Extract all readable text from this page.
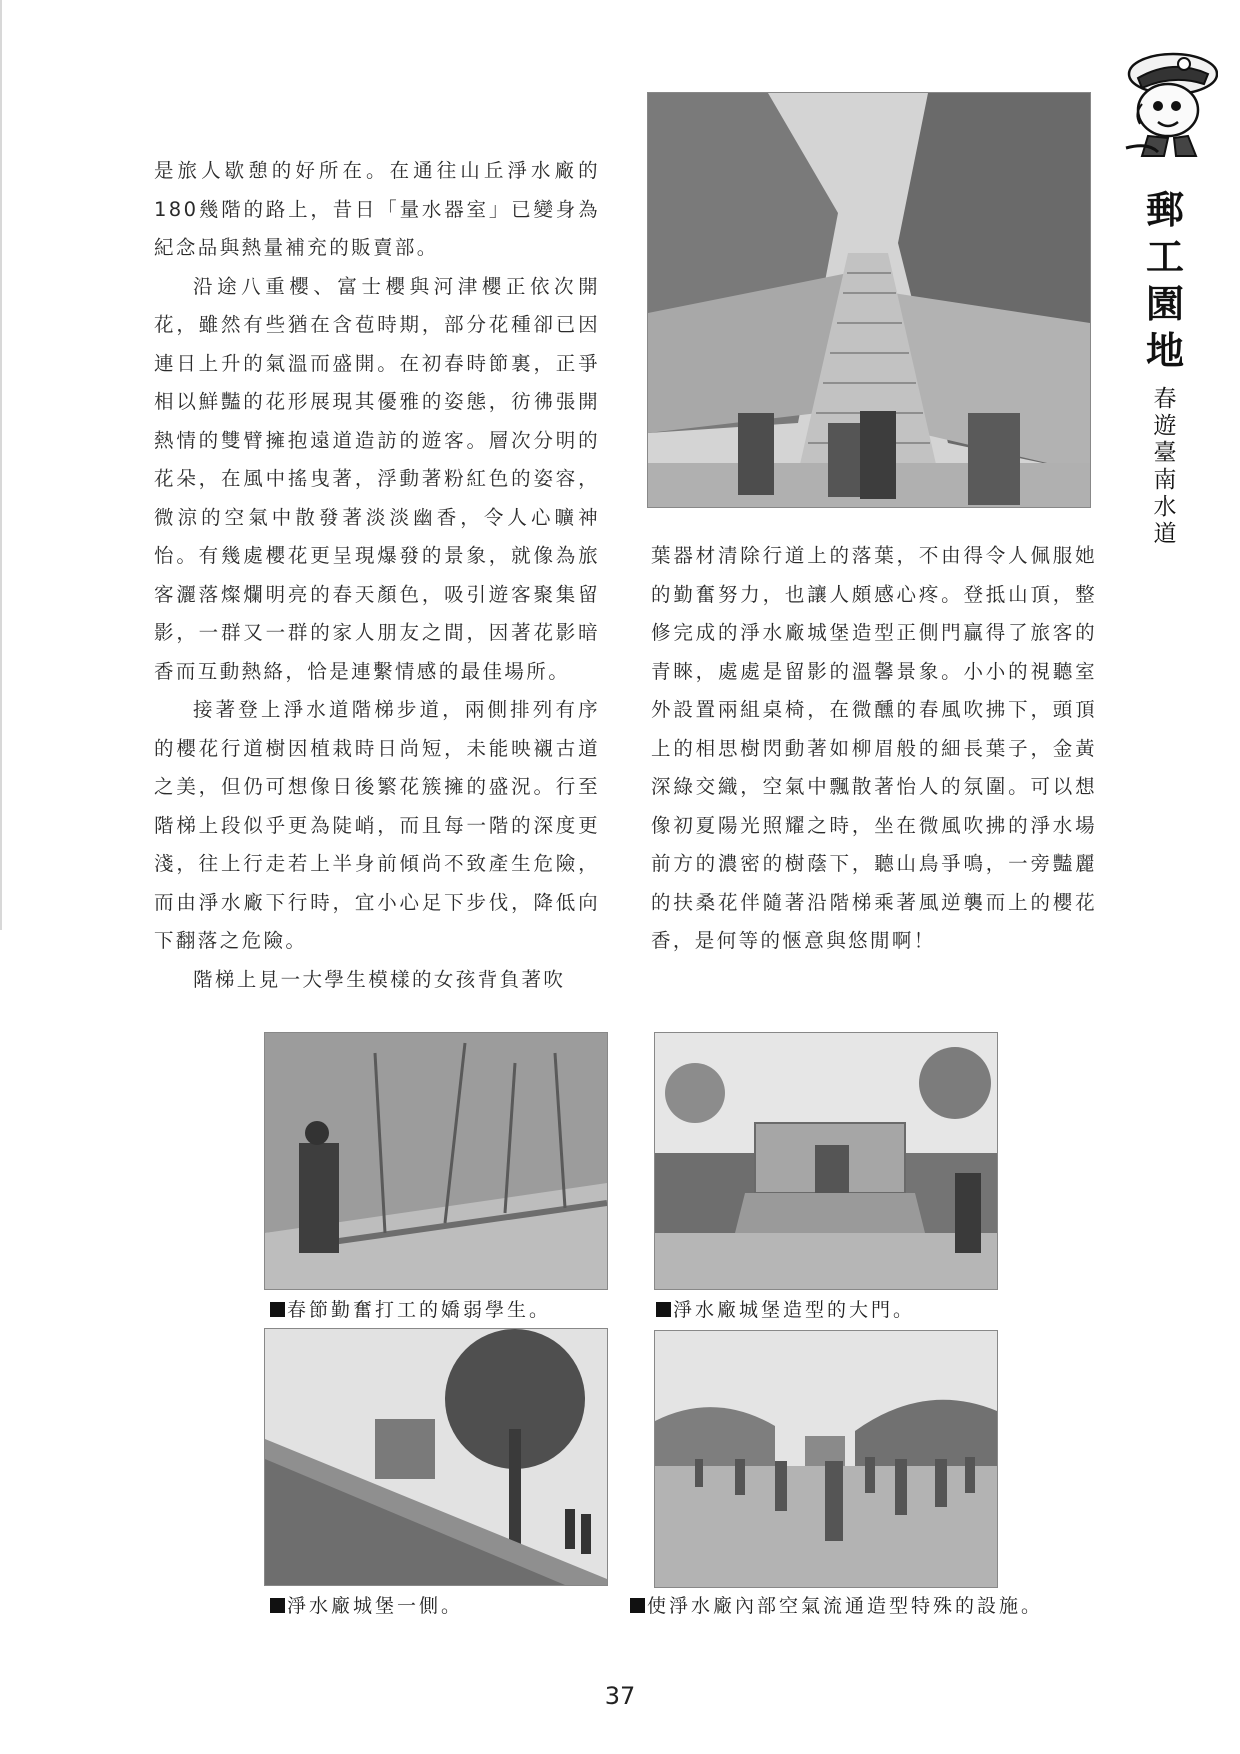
郵
工
園
地
春
遊
臺
南
水
道

是旅人歇憩的好所在。在通往山丘淨水廠的180幾階的路上，昔日「量水器室」已變身為紀念品與熱量補充的販賣部。

沿途八重櫻、富士櫻與河津櫻正依次開花，雖然有些猶在含苞時期，部分花種卻已因連日上升的氣溫而盛開。在初春時節裏，正爭相以鮮豔的花形展現其優雅的姿態，彷彿張開熱情的雙臂擁抱遠道造訪的遊客。層次分明的花朵，在風中搖曳著，浮動著粉紅色的姿容，微涼的空氣中散發著淡淡幽香，令人心曠神怡。有幾處櫻花更呈現爆發的景象，就像為旅客灑落燦爛明亮的春天顏色，吸引遊客聚集留影，一群又一群的家人朋友之間，因著花影暗香而互動熱絡，恰是連繫情感的最佳場所。

接著登上淨水道階梯步道，兩側排列有序的櫻花行道樹因植栽時日尚短，未能映襯古道之美，但仍可想像日後繁花簇擁的盛況。行至階梯上段似乎更為陡峭，而且每一階的深度更淺，往上行走若上半身前傾尚不致產生危險，而由淨水廠下行時，宜小心足下步伐，降低向下翻落之危險。

階梯上見一大學生模樣的女孩背負著吹

葉器材清除行道上的落葉，不由得令人佩服她的勤奮努力，也讓人頗感心疼。登抵山頂，整修完成的淨水廠城堡造型正側門贏得了旅客的青睞，處處是留影的溫馨景象。小小的視聽室外設置兩組桌椅，在微醺的春風吹拂下，頭頂上的相思樹閃動著如柳眉般的細長葉子，金黃深綠交織，空氣中飄散著怡人的氛圍。可以想像初夏陽光照耀之時，坐在微風吹拂的淨水場前方的濃密的樹蔭下，聽山鳥爭鳴，一旁豔麗的扶桑花伴隨著沿階梯乘著風逆襲而上的櫻花香，是何等的愜意與悠閒啊！

春節勤奮打工的嬌弱學生。	淨水廠城堡造型的大門。
淨水廠城堡一側。	使淨水廠內部空氣流通造型特殊的設施。
37
